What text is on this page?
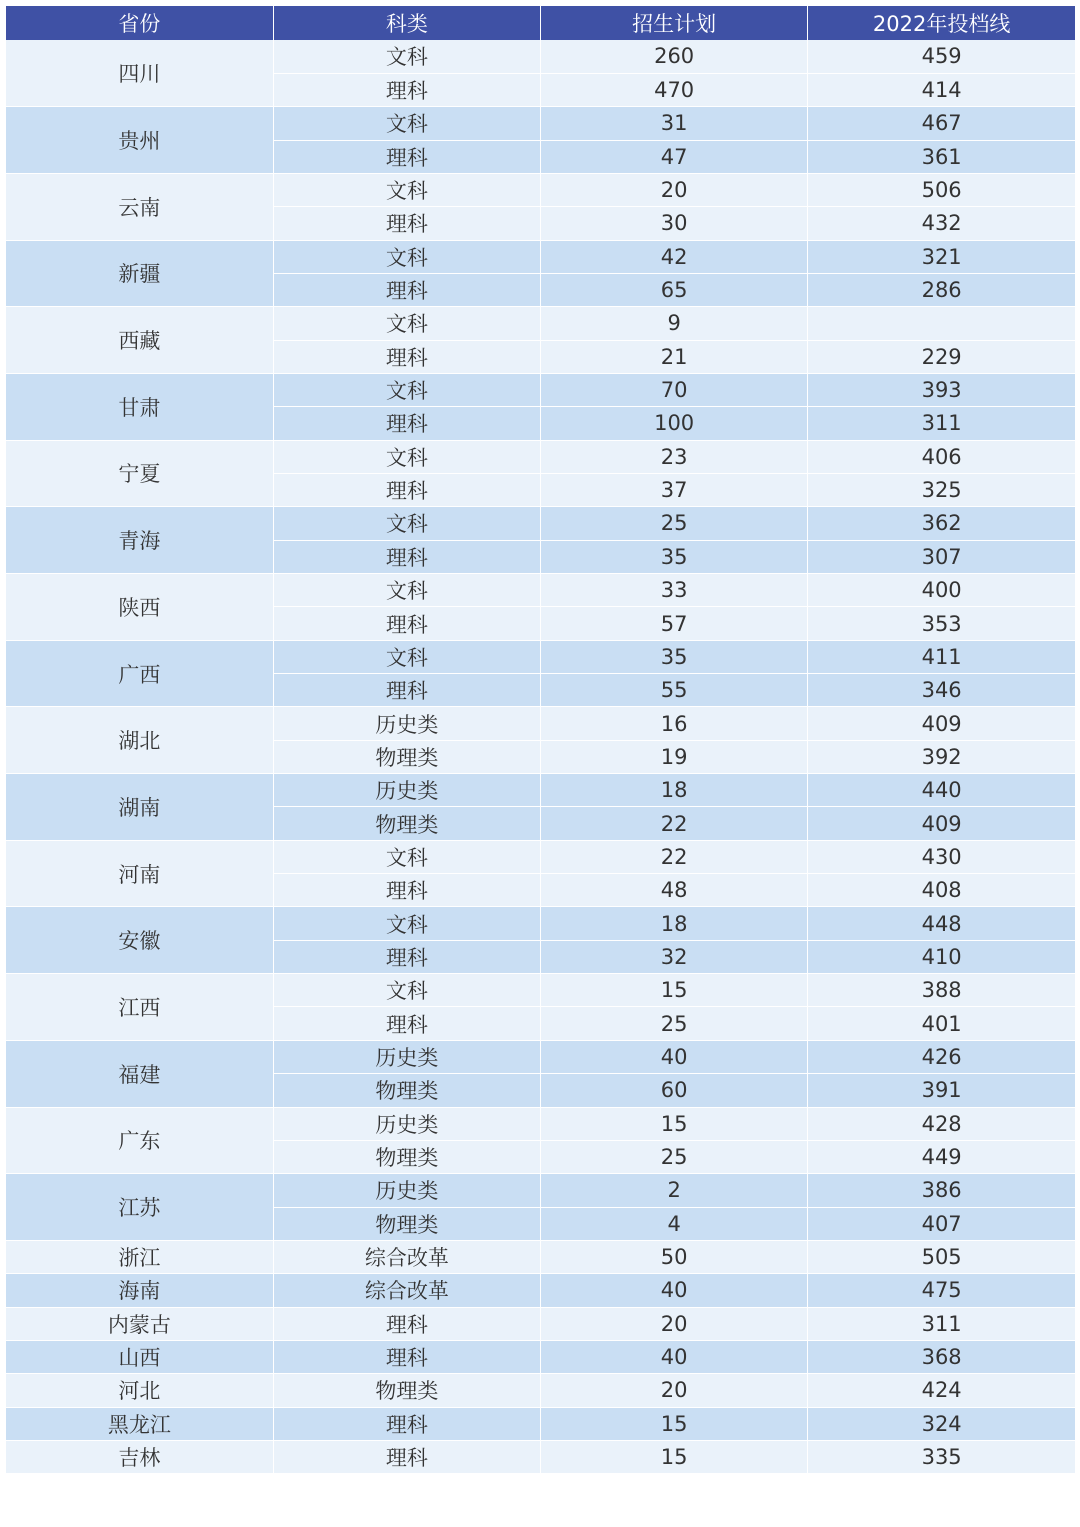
省份	科类	招生计划	2022年投档线
四川	文科	260	459
	理科	470	414
贵州	文科	31	467
	理科	47	361
云南	文科	20	506
	理科	30	432
新疆	文科	42	321
	理科	65	286
西藏	文科	9	
	理科	21	229
甘肃	文科	70	393
	理科	100	311
宁夏	文科	23	406
	理科	37	325
青海	文科	25	362
	理科	35	307
陕西	文科	33	400
	理科	57	353
广西	文科	35	411
	理科	55	346
湖北	历史类	16	409
	物理类	19	392
湖南	历史类	18	440
	物理类	22	409
河南	文科	22	430
	理科	48	408
安徽	文科	18	448
	理科	32	410
江西	文科	15	388
	理科	25	401
福建	历史类	40	426
	物理类	60	391
广东	历史类	15	428
	物理类	25	449
江苏	历史类	2	386
	物理类	4	407
浙江	综合改革	50	505
海南	综合改革	40	475
内蒙古	理科	20	311
山西	理科	40	368
河北	物理类	20	424
黑龙江	理科	15	324
吉林	理科	15	335
